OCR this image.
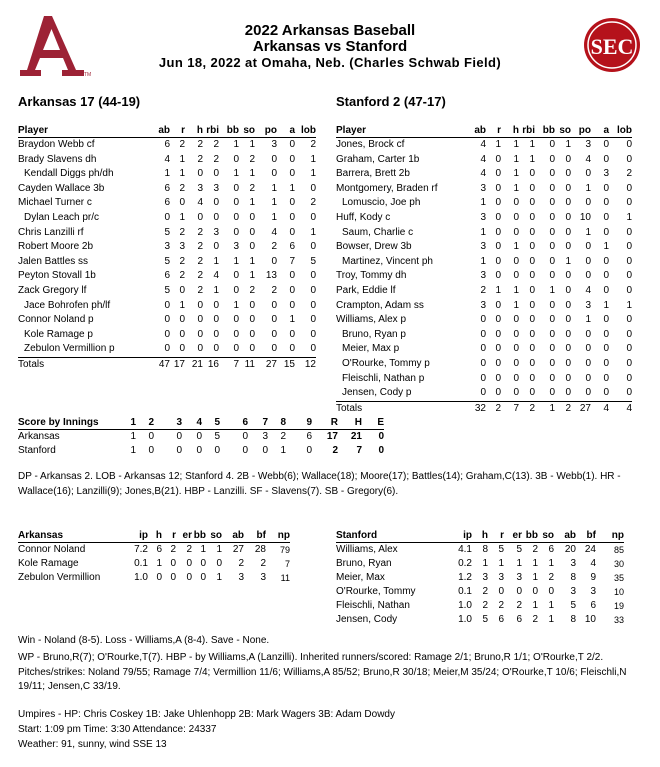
TM
SEC
2022 Arkansas Baseball
Arkansas vs Stanford
Jun 18, 2022 at Omaha, Neb. (Charles Schwab Field)
Arkansas 17 (44-19)	Stanford 2 (47-17)
Player	ab	r	h	rbi	bb	so	po	a	lob
Braydon Webb cf	6	2	2	2	1	1	3	0	2
Brady Slavens dh	4	1	2	2	0	2	0	0	1
Kendall Diggs ph/dh	1	1	0	0	1	1	0	0	1
Cayden Wallace 3b	6	2	3	3	0	2	1	1	0
Michael Turner c	6	0	4	0	0	1	1	0	2
Dylan Leach pr/c	0	1	0	0	0	0	1	0	0
Chris Lanzilli rf	5	2	2	3	0	0	4	0	1
Robert Moore 2b	3	3	2	0	3	0	2	6	0
Jalen Battles ss	5	2	2	1	1	1	0	7	5
Peyton Stovall 1b	6	2	2	4	0	1	13	0	0
Zack Gregory lf	5	0	2	1	0	2	2	0	0
Jace Bohrofen ph/lf	0	1	0	0	1	0	0	0	0
Connor Noland p	0	0	0	0	0	0	0	1	0
Kole Ramage p	0	0	0	0	0	0	0	0	0
Zebulon Vermillion p	0	0	0	0	0	0	0	0	0
Totals	47	17	21	16	7	11	27	15	12
Player	ab	r	h	rbi	bb	so	po	a	lob
Jones, Brock cf	4	1	1	1	0	1	3	0	0
Graham, Carter 1b	4	0	1	1	0	0	4	0	0
Barrera, Brett 2b	4	0	1	0	0	0	0	3	2
Montgomery, Braden rf	3	0	1	0	0	0	1	0	0
Lomuscio, Joe ph	1	0	0	0	0	0	0	0	0
Huff, Kody c	3	0	0	0	0	0	10	0	1
Saum, Charlie c	1	0	0	0	0	0	1	0	0
Bowser, Drew 3b	3	0	1	0	0	0	0	1	0
Martinez, Vincent ph	1	0	0	0	0	1	0	0	0
Troy, Tommy dh	3	0	0	0	0	0	0	0	0
Park, Eddie lf	2	1	1	0	1	0	4	0	0
Crampton, Adam ss	3	0	1	0	0	0	3	1	1
Williams, Alex p	0	0	0	0	0	0	1	0	0
Bruno, Ryan p	0	0	0	0	0	0	0	0	0
Meier, Max p	0	0	0	0	0	0	0	0	0
O'Rourke, Tommy p	0	0	0	0	0	0	0	0	0
Fleischli, Nathan p	0	0	0	0	0	0	0	0	0
Jensen, Cody p	0	0	0	0	0	0	0	0	0
Totals	32	2	7	2	1	2	27	4	4
Score by Innings	1	2	3	4	5	6	7	8	9	R	H	E
Arkansas	1	0	0	0	5	0	3	2	6	17	21	0
Stanford	1	0	0	0	0	0	0	1	0	2	7	0
DP - Arkansas 2. LOB - Arkansas 12; Stanford 4. 2B - Webb(6); Wallace(18); Moore(17); Battles(14); Graham,C(13). 3B - Webb(1). HR - Wallace(16); Lanzilli(9); Jones,B(21). HBP - Lanzilli. SF - Slavens(7). SB - Gregory(6).
Arkansas	ip	h	r	er	bb	so	ab	bf	np
Connor Noland	7.2	6	2	2	1	1	27	28	79
Kole Ramage	0.1	1	0	0	0	0	2	2	7
Zebulon Vermillion	1.0	0	0	0	0	1	3	3	11
Stanford	ip	h	r	er	bb	so	ab	bf	np
Williams, Alex	4.1	8	5	5	2	6	20	24	85
Bruno, Ryan	0.2	1	1	1	1	1	3	4	30
Meier, Max	1.2	3	3	3	1	2	8	9	35
O'Rourke, Tommy	0.1	2	0	0	0	0	3	3	10
Fleischli, Nathan	1.0	2	2	2	1	1	5	6	19
Jensen, Cody	1.0	5	6	6	2	1	8	10	33
Win - Noland (8-5). Loss - Williams,A (8-4). Save - None.
WP - Bruno,R(7); O'Rourke,T(7). HBP - by Williams,A (Lanzilli). Inherited runners/scored: Ramage 2/1; Bruno,R 1/1; O'Rourke,T 2/2. Pitches/strikes: Noland 79/55; Ramage 7/4; Vermillion 11/6; Williams,A 85/52; Bruno,R 30/18; Meier,M 35/24; O'Rourke,T 10/6; Fleischli,N 19/11; Jensen,C 33/19.
Umpires - HP: Chris Coskey 1B: Jake Uhlenhopp 2B: Mark Wagers 3B: Adam Dowdy
Start: 1:09 pm Time: 3:30 Attendance: 24337
Weather: 91, sunny, wind SSE 13
